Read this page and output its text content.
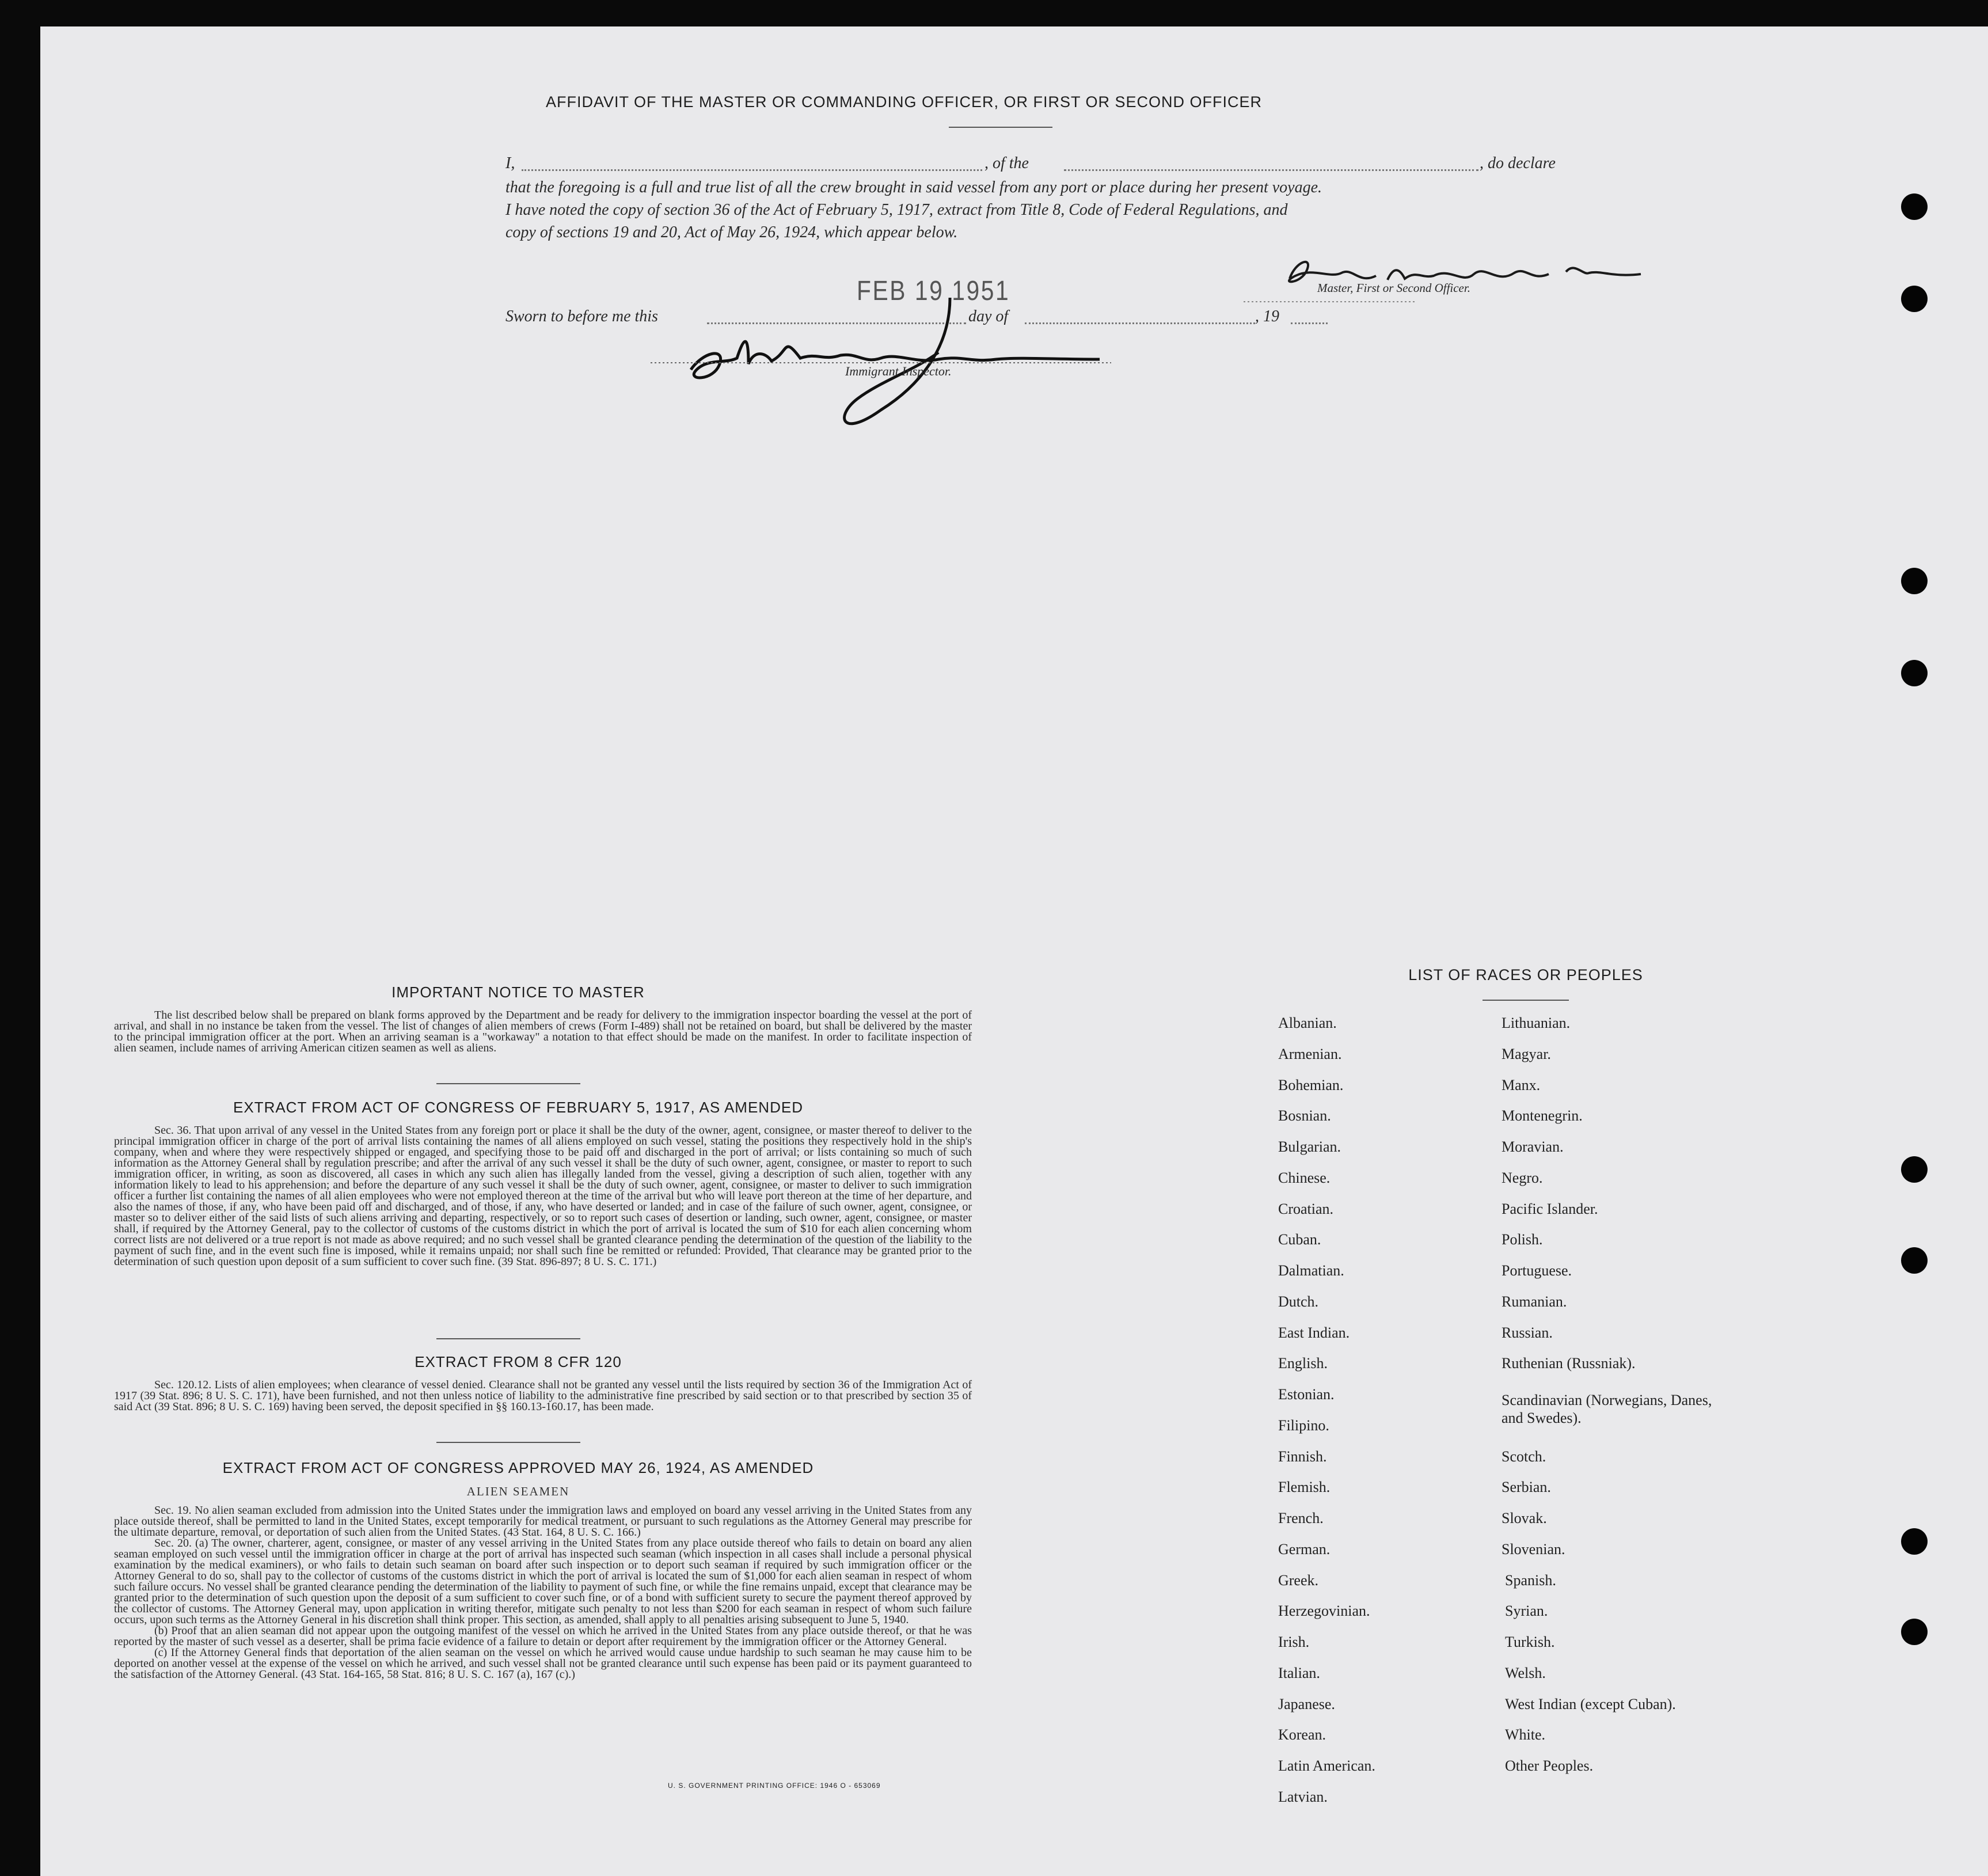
AFFIDAVIT OF THE MASTER OR COMMANDING OFFICER, OR FIRST OR SECOND OFFICER
I,	, of the	, do declare
that the foregoing is a full and true list of all the crew brought in said vessel from any port or place during her present voyage.
I have noted the copy of section 36 of the Act of February 5, 1917, extract from Title 8, Code of Federal Regulations, and
copy of sections 19 and 20, Act of May 26, 1924, which appear below.
Master, First or Second Officer.
FEB 19 1951
Sworn to before me this	day of	, 19
Immigrant Inspector.
IMPORTANT NOTICE TO MASTER
The list described below shall be prepared on blank forms approved by the Department and be ready for delivery to the immigration inspector boarding the vessel at the port of arrival, and shall in no instance be taken from the vessel. The list of changes of alien members of crews (Form I-489) shall not be retained on board, but shall be delivered by the master to the principal immigration officer at the port. When an arriving seaman is a "workaway" a notation to that effect should be made on the manifest. In order to facilitate inspection of alien seamen, include names of arriving American citizen seamen as well as aliens.
EXTRACT FROM ACT OF CONGRESS OF FEBRUARY 5, 1917, AS AMENDED
Sec. 36. That upon arrival of any vessel in the United States from any foreign port or place it shall be the duty of the owner, agent, consignee, or master thereof to deliver to the principal immigration officer in charge of the port of arrival lists containing the names of all aliens employed on such vessel, stating the positions they respectively hold in the ship's company, when and where they were respectively shipped or engaged, and specifying those to be paid off and discharged in the port of arrival; or lists containing so much of such information as the Attorney General shall by regulation prescribe; and after the arrival of any such vessel it shall be the duty of such owner, agent, consignee, or master to report to such immigration officer, in writing, as soon as discovered, all cases in which any such alien has illegally landed from the vessel, giving a description of such alien, together with any information likely to lead to his apprehension; and before the departure of any such vessel it shall be the duty of such owner, agent, consignee, or master to deliver to such immigration officer a further list containing the names of all alien employees who were not employed thereon at the time of the arrival but who will leave port thereon at the time of her departure, and also the names of those, if any, who have been paid off and discharged, and of those, if any, who have deserted or landed; and in case of the failure of such owner, agent, consignee, or master so to deliver either of the said lists of such aliens arriving and departing, respectively, or so to report such cases of desertion or landing, such owner, agent, consignee, or master shall, if required by the Attorney General, pay to the collector of customs of the customs district in which the port of arrival is located the sum of $10 for each alien concerning whom correct lists are not delivered or a true report is not made as above required; and no such vessel shall be granted clearance pending the determination of the question of the liability to the payment of such fine, and in the event such fine is imposed, while it remains unpaid; nor shall such fine be remitted or refunded: Provided, That clearance may be granted prior to the determination of such question upon deposit of a sum sufficient to cover such fine. (39 Stat. 896-897; 8 U. S. C. 171.)
EXTRACT FROM 8 CFR 120
Sec. 120.12. Lists of alien employees; when clearance of vessel denied. Clearance shall not be granted any vessel until the lists required by section 36 of the Immigration Act of 1917 (39 Stat. 896; 8 U. S. C. 171), have been furnished, and not then unless notice of liability to the administrative fine prescribed by said section or to that prescribed by section 35 of said Act (39 Stat. 896; 8 U. S. C. 169) having been served, the deposit specified in §§ 160.13-160.17, has been made.
EXTRACT FROM ACT OF CONGRESS APPROVED MAY 26, 1924, AS AMENDED
ALIEN SEAMEN
Sec. 19. No alien seaman excluded from admission into the United States under the immigration laws and employed on board any vessel arriving in the United States from any place outside thereof, shall be permitted to land in the United States, except temporarily for medical treatment, or pursuant to such regulations as the Attorney General may prescribe for the ultimate departure, removal, or deportation of such alien from the United States. (43 Stat. 164, 8 U. S. C. 166.)
Sec. 20. (a) The owner, charterer, agent, consignee, or master of any vessel arriving in the United States from any place outside thereof who fails to detain on board any alien seaman employed on such vessel until the immigration officer in charge at the port of arrival has inspected such seaman (which inspection in all cases shall include a personal physical examination by the medical examiners), or who fails to detain such seaman on board after such inspection or to deport such seaman if required by such immigration officer or the Attorney General to do so, shall pay to the collector of customs of the customs district in which the port of arrival is located the sum of $1,000 for each alien seaman in respect of whom such failure occurs. No vessel shall be granted clearance pending the determination of the liability to payment of such fine, or while the fine remains unpaid, except that clearance may be granted prior to the determination of such question upon the deposit of a sum sufficient to cover such fine, or of a bond with sufficient surety to secure the payment thereof approved by the collector of customs. The Attorney General may, upon application in writing therefor, mitigate such penalty to not less than $200 for each seaman in respect of whom such failure occurs, upon such terms as the Attorney General in his discretion shall think proper. This section, as amended, shall apply to all penalties arising subsequent to June 5, 1940.
(b) Proof that an alien seaman did not appear upon the outgoing manifest of the vessel on which he arrived in the United States from any place outside thereof, or that he was reported by the master of such vessel as a deserter, shall be prima facie evidence of a failure to detain or deport after requirement by the immigration officer or the Attorney General.
(c) If the Attorney General finds that deportation of the alien seaman on the vessel on which he arrived would cause undue hardship to such seaman he may cause him to be deported on another vessel at the expense of the vessel on which he arrived, and such vessel shall not be granted clearance until such expense has been paid or its payment guaranteed to the satisfaction of the Attorney General. (43 Stat. 164-165, 58 Stat. 816; 8 U. S. C. 167 (a), 167 (c).)
U. S. GOVERNMENT PRINTING OFFICE: 1946 O - 653069
LIST OF RACES OR PEOPLES
Albanian.
Armenian.
Bohemian.
Bosnian.
Bulgarian.
Chinese.
Croatian.
Cuban.
Dalmatian.
Dutch.
East Indian.
English.
Estonian.
Filipino.
Finnish.
Flemish.
French.
German.
Greek.
Herzegovinian.
Irish.
Italian.
Japanese.
Korean.
Latin American.
Latvian.
Lithuanian.
Magyar.
Manx.
Montenegrin.
Moravian.
Negro.
Pacific Islander.
Polish.
Portuguese.
Rumanian.
Russian.
Ruthenian (Russniak).
Scandinavian (Norwegians, Danes, and Swedes).
Scotch.
Serbian.
Slovak.
Slovenian.
Spanish.
Syrian.
Turkish.
Welsh.
West Indian (except Cuban).
White.
Other Peoples.
